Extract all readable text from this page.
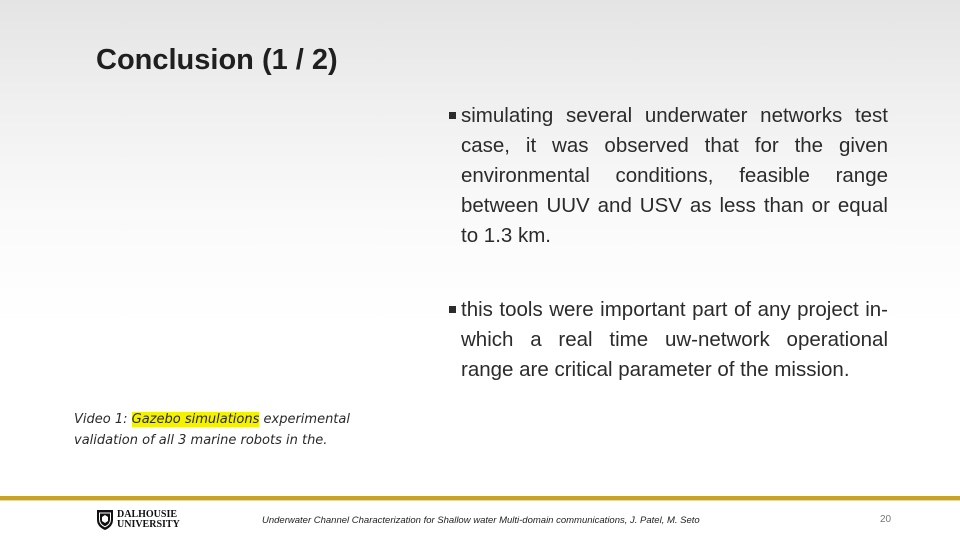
Conclusion (1 / 2)
simulating several underwater networks test case, it was observed that for the given environmental conditions, feasible range between UUV and USV as less than or equal to 1.3 km.
this tools were important part of any project in-which a real time uw-network operational range are critical parameter of the mission.
Video 1: Gazebo simulations experimental validation of all 3 marine robots in the.
DALHOUSIE
UNIVERSITY	Underwater Channel Characterization for Shallow water Multi-domain communications, J. Patel, M. Seto	20
